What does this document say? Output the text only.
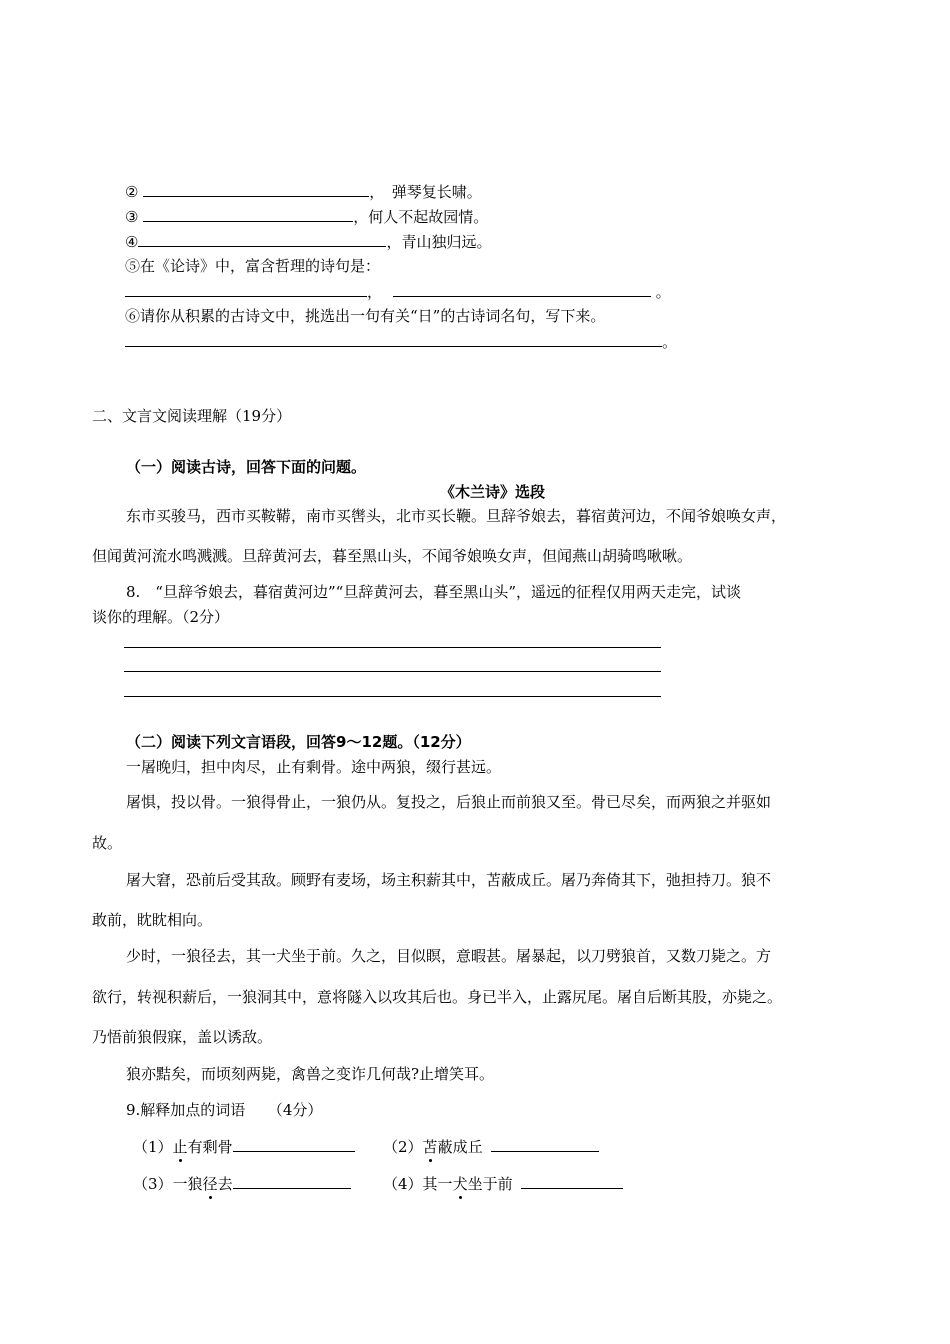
②	，　弹琴复长啸。
③	，何人不起故园情。
④	，青山独归远。
⑤在《论诗》中，富含哲理的诗句是：
，	。
⑥请你从积累的古诗文中，挑选出一句有关“日”的古诗词名句，写下来。
。
二、文言文阅读理解（19分）
（一）阅读古诗，回答下面的问题。
《木兰诗》选段
东市买骏马，西市买鞍鞯，南市买辔头，北市买长鞭。旦辞爷娘去，暮宿黄河边，不闻爷娘唤女声，
但闻黄河流水鸣溅溅。旦辞黄河去，暮至黑山头，不闻爷娘唤女声，但闻燕山胡骑鸣啾啾。
8.　“旦辞爷娘去，暮宿黄河边”“旦辞黄河去，暮至黑山头”，遥远的征程仅用两天走完，试谈
谈你的理解。（2分）
（二）阅读下列文言语段，回答9～12题。（12分）
一屠晚归，担中肉尽，止有剩骨。途中两狼，缀行甚远。
屠惧，投以骨。一狼得骨止，一狼仍从。复投之，后狼止而前狼又至。骨已尽矣，而两狼之并驱如
故。
屠大窘，恐前后受其敌。顾野有麦场，场主积薪其中，苫蔽成丘。屠乃奔倚其下，弛担持刀。狼不
敢前，眈眈相向。
少时，一狼径去，其一犬坐于前。久之，目似瞑，意暇甚。屠暴起，以刀劈狼首，又数刀毙之。方
欲行，转视积薪后，一狼洞其中，意将隧入以攻其后也。身已半入，止露尻尾。屠自后断其股，亦毙之。
乃悟前狼假寐，盖以诱敌。
狼亦黠矣，而顷刻两毙，禽兽之变诈几何哉?止增笑耳。
9.解释加点的词语　　（4分）
（1）止有剩骨	（2）苫蔽成丘
（3）一狼径去	（4）其一犬坐于前
